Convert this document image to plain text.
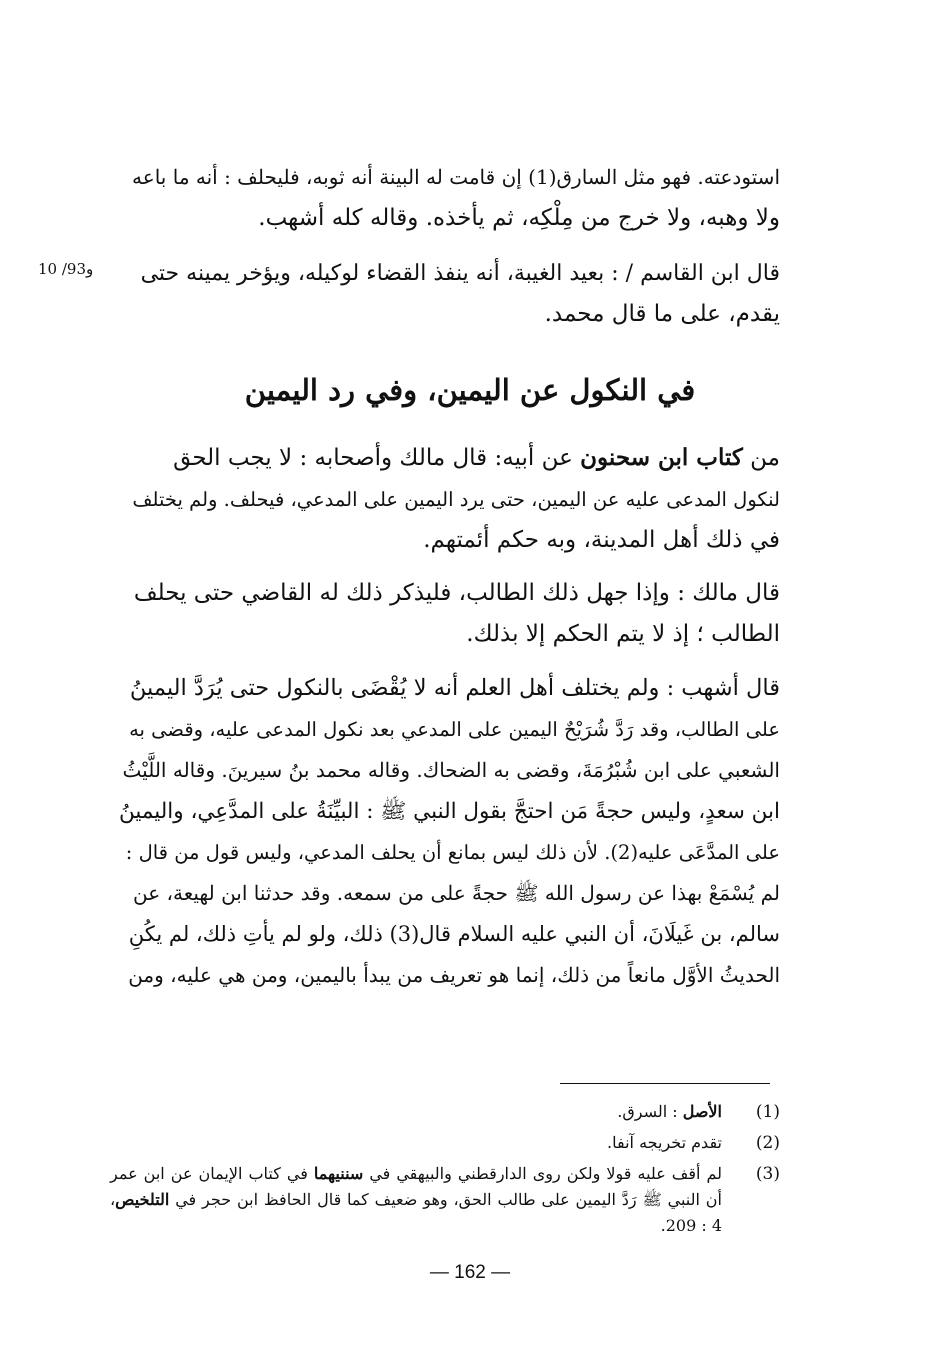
استودعته. فهو مثل السارق(1) إن قامت له البينة أنه ثوبه، فليحلف : أنه ما باعه
ولا وهبه، ولا خرج من مِلْكِه، ثم يأخذه. وقاله كله أشهب.
قال ابن القاسم / : بعيد الغيبة، أنه ينفذ القضاء لوكيله، ويؤخر يمينه حتى
يقدم، على ما قال محمد.
10 /93و
في النكول عن اليمين، وفي رد اليمين
من كتاب ابن سحنون عن أبيه: قال مالك وأصحابه : لا يجب الحق
لنكول المدعى عليه عن اليمين، حتى يرد اليمين على المدعي، فيحلف. ولم يختلف
في ذلك أهل المدينة، وبه حكم أئمتهم.
قال مالك : وإذا جهل ذلك الطالب، فليذكر ذلك له القاضي حتى يحلف
الطالب ؛ إذ لا يتم الحكم إلا بذلك.
قال أشهب : ولم يختلف أهل العلم أنه لا يُقْضَى بالنكول حتى يُرَدَّ اليمينُ
على الطالب، وقد رَدَّ شُرَيْحٌ اليمين على المدعي بعد نكول المدعى عليه، وقضى به
الشعبي على ابن شُبْرُمَةَ، وقضى به الضحاك. وقاله محمد بنُ سيرينَ. وقاله اللَّيْثُ
ابن سعدٍ، وليس حجةً مَن احتجَّ بقول النبي ﷺ : البيِّنَةُ على المدَّعِي، واليمينُ
على المدَّعَى عليه(2). لأن ذلك ليس بمانع أن يحلف المدعي، وليس قول من قال :
لم يُسْمَعْ بهذا عن رسول الله ﷺ حجةً على من سمعه. وقد حدثنا ابن لهيعة، عن
سالم، بن غَيلَانَ، أن النبي عليه السلام قال(3) ذلك، ولو لم يأتِ ذلك، لم يكُنِ
الحديثُ الأوَّل مانعاً من ذلك، إنما هو تعريف من يبدأ باليمين، ومن هي عليه، ومن
(1)
الأصل : السرق.
(2)
تقدم تخريجه آنفا.
(3)
لم أقف عليه قولا ولكن روى الدارقطني والبيهقي في سننيهما في كتاب الإيمان عن ابن عمر أن النبي ﷺ رَدَّ اليمين على طالب الحق، وهو ضعيف كما قال الحافظ ابن حجر في التلخيص، 4 : 209.
— 162 —
